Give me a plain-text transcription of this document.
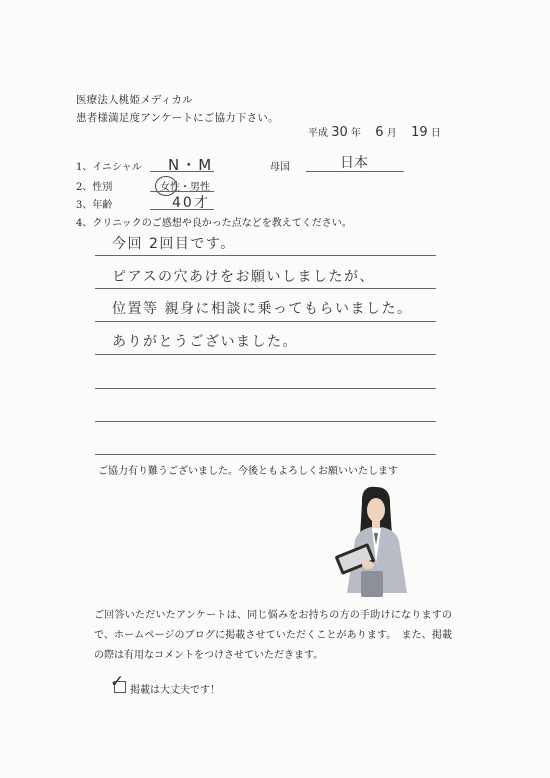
医療法人桃姫メディカル
患者様満足度アンケートにご協力下さい。
平成 30 年 6 月 19 日
1、イニシャル N・M	母国	日本
2、性別	女性・男性
3、年齢	40才
4、クリニックのご感想や良かった点などを教えてください。
今回 2回目です。
ピアスの穴あけをお願いしましたが、
位置等 親身に相談に乗ってもらいました。
ありがとうございました。
ご協力有り難うございました。今後ともよろしくお願いいたします
ご回答いただいたアンケートは、同じ悩みをお持ちの方の手助けになりますので、ホームページのブログに掲載させていただくことがあります。　また、掲載の際は有用なコメントをつけさせていただきます。
✓ 掲載は大丈夫です！
